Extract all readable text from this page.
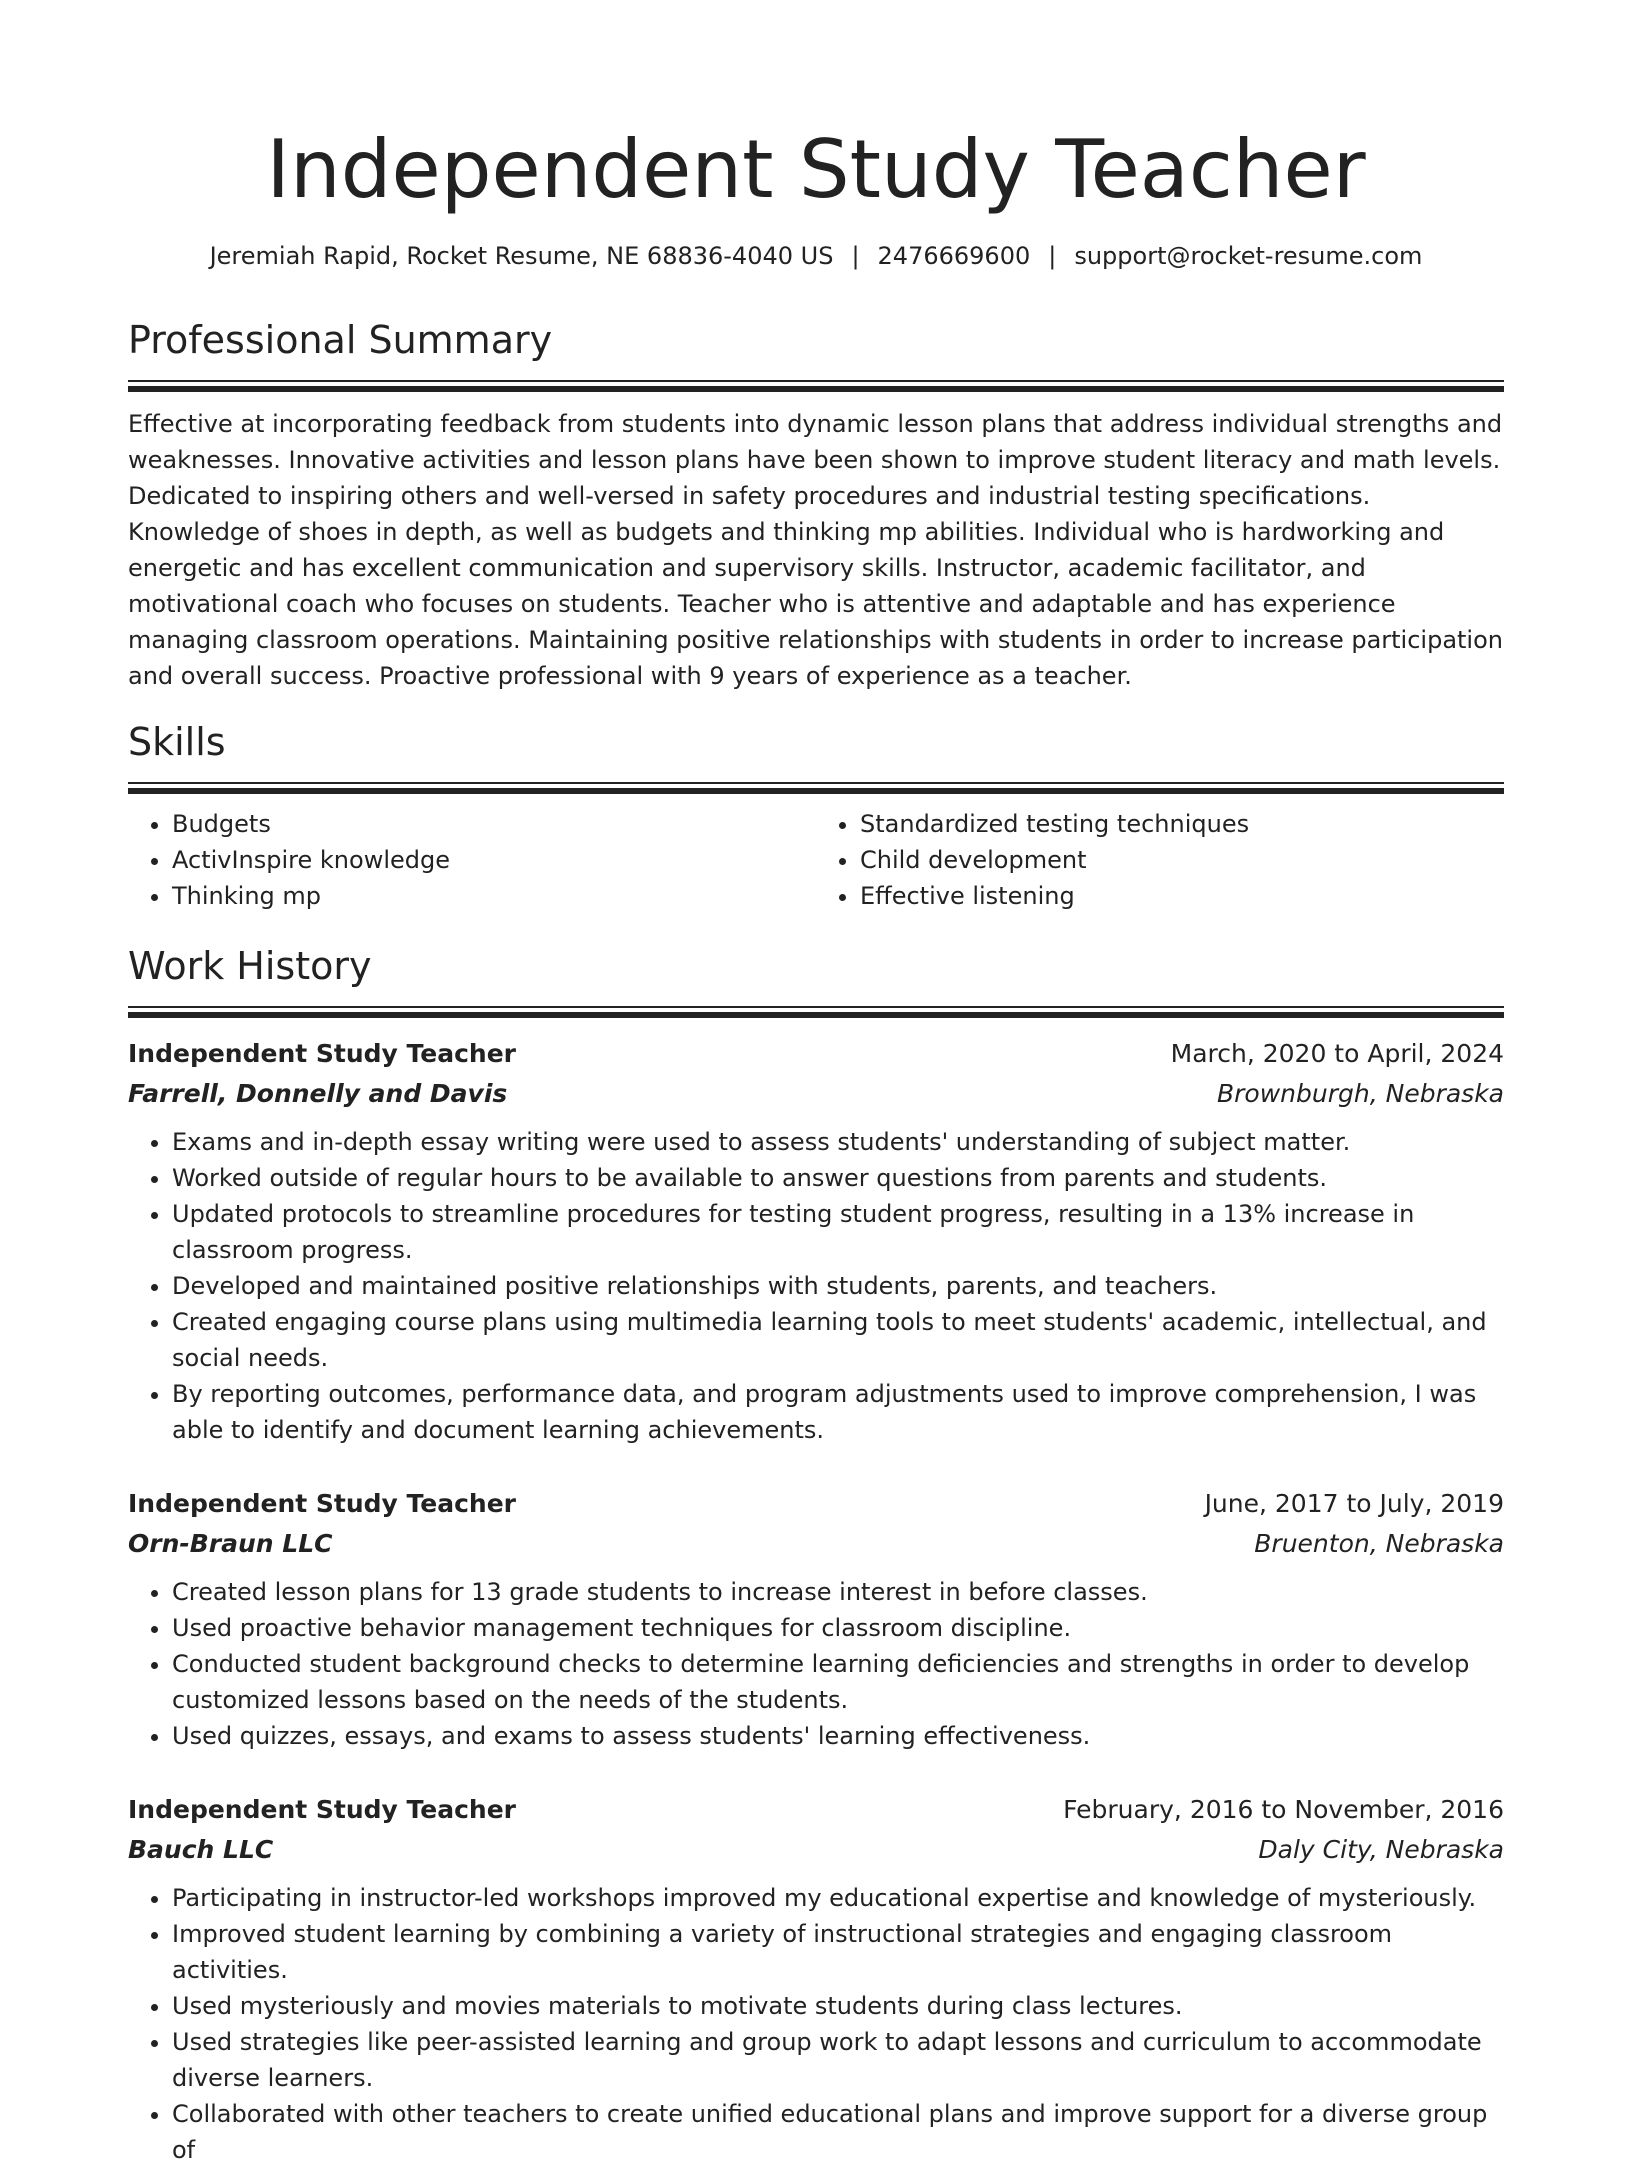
Independent Study Teacher
Jeremiah Rapid, Rocket Resume, NE 68836-4040 US | 2476669600 | support@rocket-resume.com
Professional Summary
Effective at incorporating feedback from students into dynamic lesson plans that address individual strengths and weaknesses. Innovative activities and lesson plans have been shown to improve student literacy and math levels. Dedicated to inspiring others and well-versed in safety procedures and industrial testing specifications. Knowledge of shoes in depth, as well as budgets and thinking mp abilities. Individual who is hardworking and energetic and has excellent communication and supervisory skills. Instructor, academic facilitator, and motivational coach who focuses on students. Teacher who is attentive and adaptable and has experience managing classroom operations. Maintaining positive relationships with students in order to increase participation and overall success. Proactive professional with 9 years of experience as a teacher.
Skills
• Budgets
• ActivInspire knowledge
• Thinking mp
• Standardized testing techniques
• Child development
• Effective listening
Work History
Independent Study Teacher	March, 2020 to April, 2024
Farrell, Donnelly and Davis	Brownburgh, Nebraska
• Exams and in-depth essay writing were used to assess students' understanding of subject matter.
• Worked outside of regular hours to be available to answer questions from parents and students.
• Updated protocols to streamline procedures for testing student progress, resulting in a 13% increase in classroom progress.
• Developed and maintained positive relationships with students, parents, and teachers.
• Created engaging course plans using multimedia learning tools to meet students' academic, intellectual, and social needs.
• By reporting outcomes, performance data, and program adjustments used to improve comprehension, I was able to identify and document learning achievements.
Independent Study Teacher	June, 2017 to July, 2019
Orn-Braun LLC	Bruenton, Nebraska
• Created lesson plans for 13 grade students to increase interest in before classes.
• Used proactive behavior management techniques for classroom discipline.
• Conducted student background checks to determine learning deficiencies and strengths in order to develop customized lessons based on the needs of the students.
• Used quizzes, essays, and exams to assess students' learning effectiveness.
Independent Study Teacher	February, 2016 to November, 2016
Bauch LLC	Daly City, Nebraska
• Participating in instructor-led workshops improved my educational expertise and knowledge of mysteriously.
• Improved student learning by combining a variety of instructional strategies and engaging classroom activities.
• Used mysteriously and movies materials to motivate students during class lectures.
• Used strategies like peer-assisted learning and group work to adapt lessons and curriculum to accommodate diverse learners.
• Collaborated with other teachers to create unified educational plans and improve support for a diverse group of
